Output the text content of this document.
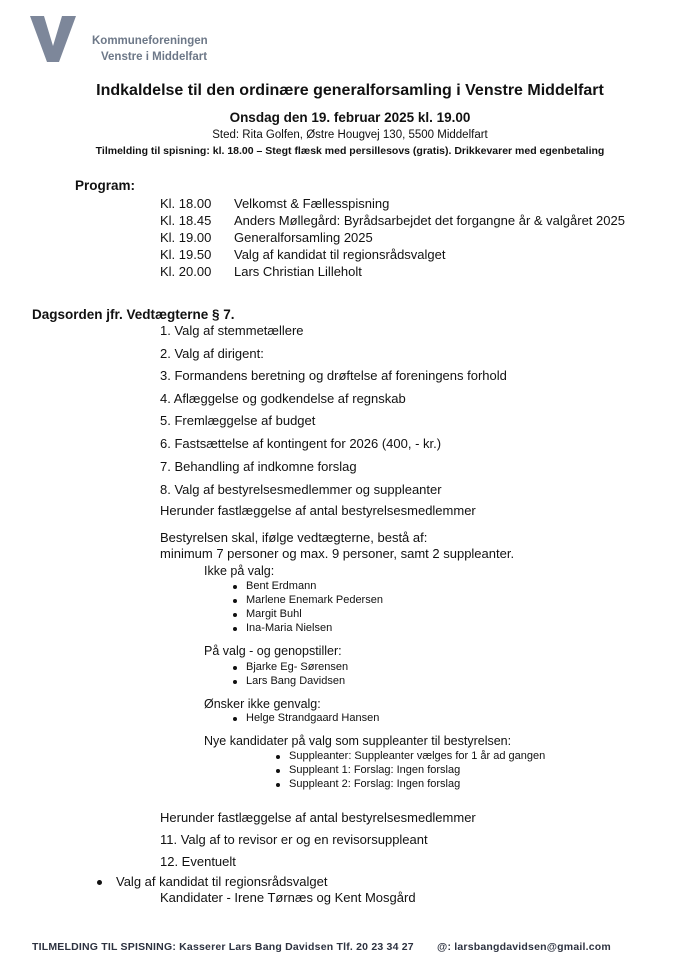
Kommuneforeningen
Venstre i Middelfart
Indkaldelse til den ordinære generalforsamling i Venstre Middelfart
Onsdag den 19. februar 2025 kl. 19.00
Sted: Rita Golfen, Østre Hougvej 130, 5500 Middelfart
Tilmelding til spisning: kl. 18.00 – Stegt flæsk med persillesovs (gratis). Drikkevarer med egenbetaling
Program:
Kl. 18.00 Velkomst & Fællesspisning
Kl. 18.45 Anders Møllegård: Byrådsarbejdet det forgangne år & valgåret 2025
Kl. 19.00 Generalforsamling 2025
Kl. 19.50 Valg af kandidat til regionsrådsvalget
Kl. 20.00 Lars Christian Lilleholt
Dagsorden jfr. Vedtægterne § 7.
1. Valg af stemmetællere
2. Valg af dirigent:
3. Formandens beretning og drøftelse af foreningens forhold
4. Aflæggelse og godkendelse af regnskab
5. Fremlæggelse af budget
6. Fastsættelse af kontingent for 2026 (400, - kr.)
7. Behandling af indkomne forslag
8. Valg af bestyrelsesmedlemmer og suppleanter
Herunder fastlæggelse af antal bestyrelsesmedlemmer
Bestyrelsen skal, ifølge vedtægterne, bestå af:
minimum 7 personer og max. 9 personer, samt 2 suppleanter.
Ikke på valg:
Bent Erdmann
Marlene Enemark Pedersen
Margit Buhl
Ina-Maria Nielsen
På valg - og genopstiller:
Bjarke Eg- Sørensen
Lars Bang Davidsen
Ønsker ikke genvalg:
Helge Strandgaard Hansen
Nye kandidater på valg som suppleanter til bestyrelsen:
Suppleanter: Suppleanter vælges for 1 år ad gangen
Suppleant 1: Forslag: Ingen forslag
Suppleant 2: Forslag: Ingen forslag
Herunder fastlæggelse af antal bestyrelsesmedlemmer
11. Valg af to revisor er og en revisorsuppleant
12. Eventuelt
Valg af kandidat til regionsrådsvalget
Kandidater - Irene Tørnæs og Kent Mosgård
TILMELDING TIL SPISNING: Kasserer Lars Bang Davidsen Tlf. 20 23 34 27 @: larsbangdavidsen@gmail.com
